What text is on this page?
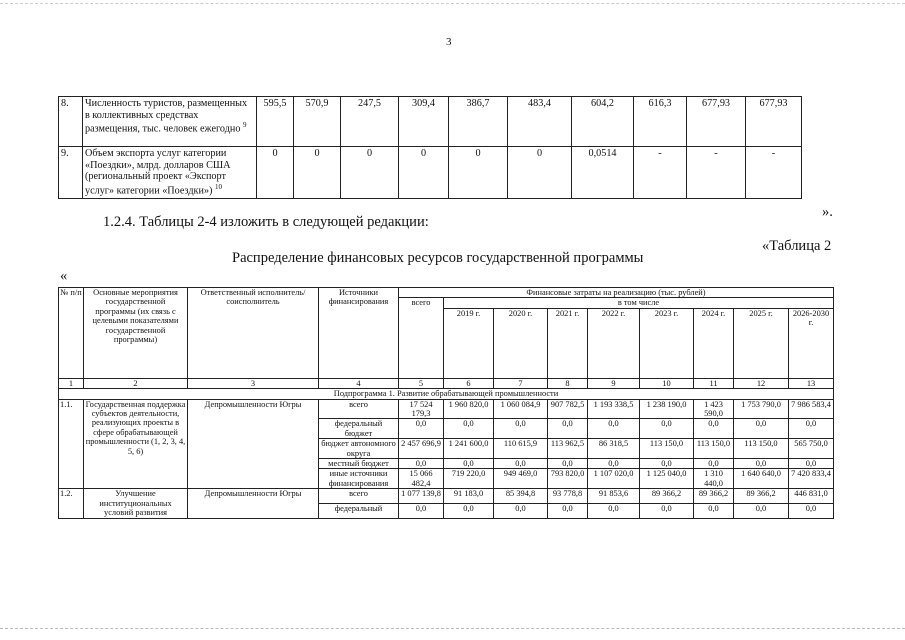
3
8.	Численность туристов, размещенных в коллективных средствах размещения, тыс. человек ежегодно $^9$	595,5	570,9	247,5	309,4	386,7	483,4	604,2	616,3	677,93	677,93
9.	Объем экспорта услуг категории «Поездки», млрд. долларов США (региональный проект «Экспорт услуг» категории «Поездки») $^{10}$	0	0	0	0	0	0	0,0514	-	-	-
».
1.2.4. Таблицы 2-4 изложить в следующей редакции:
«Таблица 2
Распределение финансовых ресурсов государственной программы
«
№ п/п	Основные мероприятия государственной программы (их связь с целевыми показателями государственной программы)	Ответственный исполнитель/соисполнитель	Источники финансирования	Финансовые затраты на реализацию (тыс. рублей)								
				всего	в том числе							
					2019 г.	2020 г.	2021 г.	2022 г.	2023 г.	2024 г.	2025 г.	2026-2030 г.
1	2	3	4	5	6	7	8	9	10	11	12	13
Подпрограмма 1. Развитие обрабатывающей промышленности												
1.1.	Государственная поддержка субъектов деятельности, реализующих проекты в сфере обрабатывающей промышленности (1, 2, 3, 4, 5, 6)	Депромышленности Югры	всего	17 524 179,3	1 960 820,0	1 060 084,9	907 782,5	1 193 338,5	1 238 190,0	1 423 590,0	1 753 790,0	7 986 583,4
			федеральный бюджет	0,0	0,0	0,0	0,0	0,0	0,0	0,0	0,0	0,0
			бюджет автономного округа	2 457 696,9	1 241 600,0	110 615,9	113 962,5	86 318,5	113 150,0	113 150,0	113 150,0	565 750,0
			местный бюджет	0,0	0,0	0,0	0,0	0,0	0,0	0,0	0,0	0,0
			иные источники финансирования	15 066 482,4	719 220,0	949 469,0	793 820,0	1 107 020,0	1 125 040,0	1 310 440,0	1 640 640,0	7 420 833,4
1.2.	Улучшение институциональных условий развития	Депромышленности Югры	всего	1 077 139,8	91 183,0	85 394,8	93 778,8	91 853,6	89 366,2	89 366,2	89 366,2	446 831,0
			федеральный	0,0	0,0	0,0	0,0	0,0	0,0	0,0	0,0	0,0
